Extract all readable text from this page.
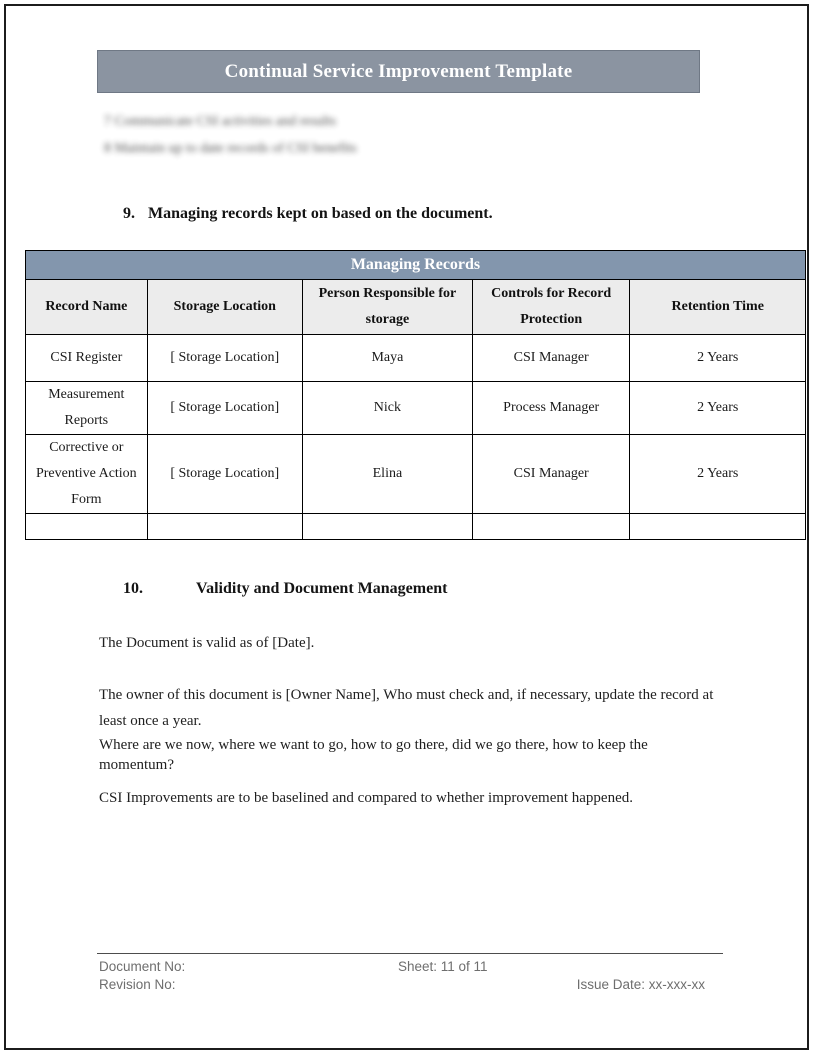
Continual Service Improvement Template
7 Communicate CSI activities and results
8 Maintain up to date records of CSI benefits
9. Managing records kept on based on the document.
Managing Records				
Record Name	Storage Location	Person Responsible for storage	Controls for Record Protection	Retention Time
CSI Register	[ Storage Location]	Maya	CSI Manager	2 Years
Measurement Reports	[ Storage Location]	Nick	Process Manager	2 Years
Corrective or Preventive Action Form	[ Storage Location]	Elina	CSI Manager	2 Years

10.	Validity and Document Management
The Document is valid as of [Date].
The owner of this document is [Owner Name], Who must check and, if necessary, update the record at least once a year.
Where are we now, where we want to go, how to go there, did we go there, how to keep the momentum?
CSI Improvements are to be baselined and compared to whether improvement happened.
Document No:	Sheet: 11 of 11
Revision No:	Issue Date: xx-xxx-xx
